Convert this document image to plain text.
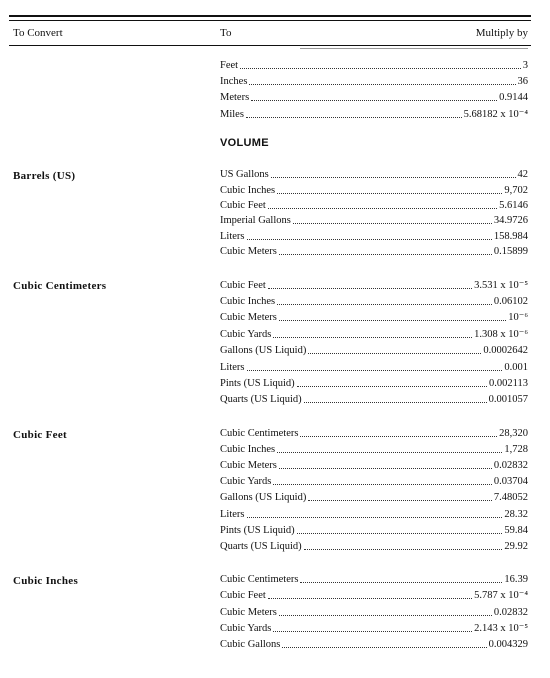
To Convert	To	Multiply by
Feet	3
Inches	36
Meters	0.9144
Miles	5.68182 x 10⁻⁴
VOLUME
Barrels (US)	US Gallons	42
Cubic Inches	9,702
Cubic Feet	5.6146
Imperial Gallons	34.9726
Liters	158.984
Cubic Meters	0.15899
Cubic Centimeters	Cubic Feet	3.531 x 10⁻⁵
Cubic Inches	0.06102
Cubic Meters	10⁻⁶
Cubic Yards	1.308 x 10⁻⁶
Gallons (US Liquid)	0.0002642
Liters	0.001
Pints (US Liquid)	0.002113
Quarts (US Liquid)	0.001057
Cubic Feet	Cubic Centimeters	28,320
Cubic Inches	1,728
Cubic Meters	0.02832
Cubic Yards	0.03704
Gallons (US Liquid)	7.48052
Liters	28.32
Pints (US Liquid)	59.84
Quarts (US Liquid)	29.92
Cubic Inches	Cubic Centimeters	16.39
Cubic Feet	5.787 x 10⁻⁴
Cubic Meters	0.02832
Cubic Yards	2.143 x 10⁻⁵
Cubic Gallons	0.004329
